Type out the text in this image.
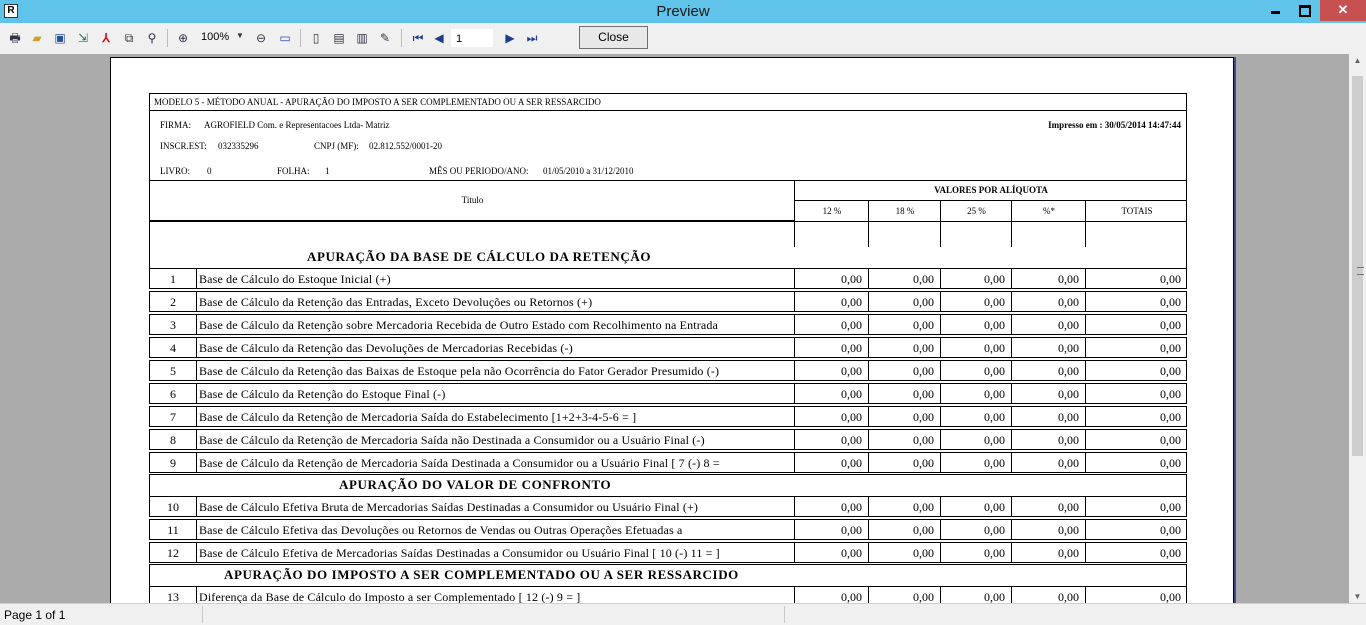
R	Preview	✕
🖶 ▰	▣	⇲	⅄	⧉	⚲	⊕	100% ▼	⊖	▭	▯	▤ ▥	✎	⏮ ◀	1	▶ ⏭	Close
MODELO 5 - MÉTODO ANUAL - APURAÇÃO DO IMPOSTO A SER COMPLEMENTADO OU A SER RESSARCIDO
FIRMA: AGROFIELD Com. e Representacoes Ltda- Matriz	Impresso em : 30/05/2014 14:47:44
INSCR.EST: 032335296	CNPJ (MF): 02.812.552/0001-20
LIVRO: 0	FOLHA: 1	MÊS OU PERIODO/ANO: 01/05/2010 a 31/12/2010
Titulo
VALORES POR ALÍQUOTA
12 %	18 %	25 %	%*	TOTAIS
APURAÇÃO DA BASE DE CÁLCULO DA RETENÇÃO
1	Base de Cálculo do Estoque Inicial (+)	0,00	0,00	0,00	0,00	0,00
2	Base de Cálculo da Retenção das Entradas, Exceto Devoluções ou Retornos (+)	0,00	0,00	0,00	0,00	0,00
3	Base de Cálculo da Retenção sobre Mercadoria Recebida de Outro Estado com Recolhimento na Entrada	0,00	0,00	0,00	0,00	0,00
4	Base de Cálculo da Retenção das Devoluções de Mercadorias Recebidas (-)	0,00	0,00	0,00	0,00	0,00
5	Base de Cálculo da Retenção das Baixas de Estoque pela não Ocorrência do Fator Gerador Presumido (-)	0,00	0,00	0,00	0,00	0,00
6	Base de Cálculo da Retenção do Estoque Final (-)	0,00	0,00	0,00	0,00	0,00
7	Base de Cálculo da Retenção de Mercadoria Saída do Estabelecimento [1+2+3-4-5-6 = ]	0,00	0,00	0,00	0,00	0,00
8	Base de Cálculo da Retenção de Mercadoria Saída não Destinada a Consumidor ou a Usuário Final (-)	0,00	0,00	0,00	0,00	0,00
9	Base de Cálculo da Retenção de Mercadoria Saída Destinada a Consumidor ou a Usuário Final [ 7 (-) 8 =	0,00	0,00	0,00	0,00	0,00
APURAÇÃO DO VALOR DE CONFRONTO
10	Base de Cálculo Efetiva Bruta de Mercadorias Saídas Destinadas a Consumidor ou Usuário Final (+)	0,00	0,00	0,00	0,00	0,00
11	Base de Cálculo Efetiva das Devoluções ou Retornos de Vendas ou Outras Operações Efetuadas a	0,00	0,00	0,00	0,00	0,00
12	Base de Cálculo Efetiva de Mercadorias Saídas Destinadas a Consumidor ou Usuário Final [ 10 (-) 11 = ]	0,00	0,00	0,00	0,00	0,00
APURAÇÃO DO IMPOSTO A SER COMPLEMENTADO OU A SER RESSARCIDO
13	Diferença da Base de Cálculo do Imposto a ser Complementado [ 12 (-) 9 = ]	0,00	0,00	0,00	0,00	0,00
▲
▼
Page 1 of 1
